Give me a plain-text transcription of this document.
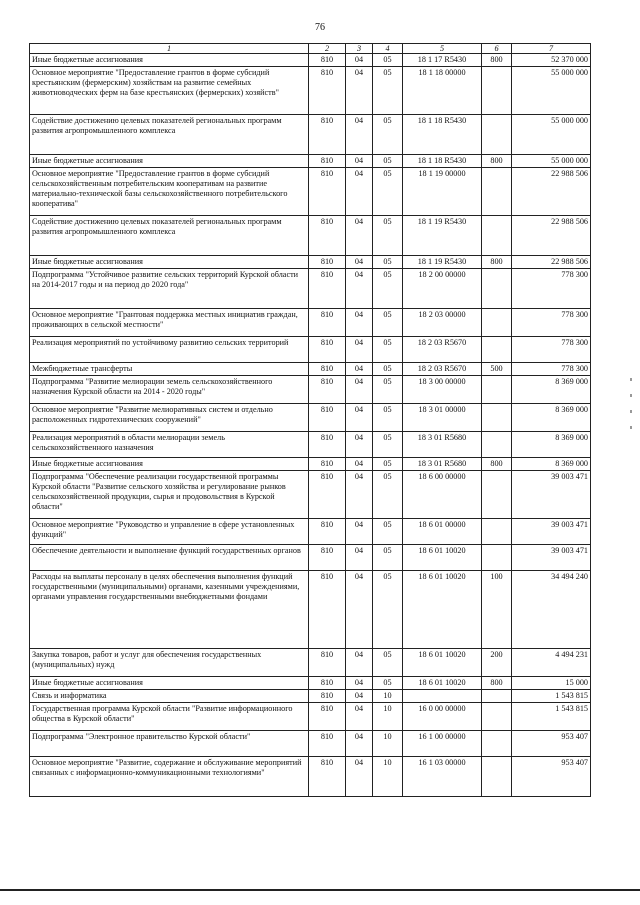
76
1	2	3	4	5	6	7
Иные бюджетные ассигнования	810	04	05	18 1 17 R5430	800	52 370 000
Основное мероприятие "Предоставление грантов в форме субсидий крестьянским (фермерским) хозяйствам на развитие семейных животноводческих ферм на базе крестьянских (фермерских) хозяйств"	810	04	05	18 1 18 00000		55 000 000
Содействие достижению целевых показателей региональных программ развития агропромышленного комплекса	810	04	05	18 1 18 R5430		55 000 000
Иные бюджетные ассигнования	810	04	05	18 1 18 R5430	800	55 000 000
Основное мероприятие "Предоставление грантов в форме субсидий сельскохозяйственным потребительским кооперативам на развитие материально-технической базы сельскохозяйственного потребительского кооператива"	810	04	05	18 1 19 00000		22 988 506
Содействие достижению целевых показателей региональных программ развития агропромышленного комплекса	810	04	05	18 1 19 R5430		22 988 506
Иные бюджетные ассигнования	810	04	05	18 1 19 R5430	800	22 988 506
Подпрограмма "Устойчивое развитие сельских территорий Курской области на 2014-2017 годы и на период до 2020 года"	810	04	05	18 2 00 00000		778 300
Основное мероприятие "Грантовая поддержка местных инициатив граждан, проживающих в сельской местности"	810	04	05	18 2 03 00000		778 300
Реализация мероприятий по устойчивому развитию сельских территорий	810	04	05	18 2 03 R5670		778 300
Межбюджетные трансферты	810	04	05	18 2 03 R5670	500	778 300
Подпрограмма "Развитие мелиорации земель сельскохозяйственного назначения Курской области на 2014 - 2020 годы"	810	04	05	18 3 00 00000		8 369 000
Основное мероприятие "Развитие мелиоративных систем и отдельно расположенных гидротехнических сооружений"	810	04	05	18 3 01 00000		8 369 000
Реализация мероприятий в области мелиорации земель сельскохозяйственного назначения	810	04	05	18 3 01 R5680		8 369 000
Иные бюджетные ассигнования	810	04	05	18 3 01 R5680	800	8 369 000
Подпрограмма "Обеспечение реализации государственной программы Курской области "Развитие сельского хозяйства и регулирование рынков сельскохозяйственной продукции, сырья и продовольствия в Курской области"	810	04	05	18 6 00 00000		39 003 471
Основное мероприятие "Руководство и управление в сфере установленных функций"	810	04	05	18 6 01 00000		39 003 471
Обеспечение деятельности и выполнение функций государственных органов	810	04	05	18 6 01 10020		39 003 471
Расходы на выплаты персоналу в целях обеспечения выполнения функций государственными (муниципальными) органами, казенными учреждениями, органами управления государственными внебюджетными фондами	810	04	05	18 6 01 10020	100	34 494 240
Закупка товаров, работ и услуг для обеспечения государственных (муниципальных) нужд	810	04	05	18 6 01 10020	200	4 494 231
Иные бюджетные ассигнования	810	04	05	18 6 01 10020	800	15 000
Связь и информатика	810	04	10			1 543 815
Государственная программа Курской области "Развитие информационного общества в Курской области"	810	04	10	16 0 00 00000		1 543 815
Подпрограмма "Электронное правительство Курской области"	810	04	10	16 1 00 00000		953 407
Основное мероприятие "Развитие, содержание и обслуживание мероприятий связанных с информационно-коммуникационными технологиями"	810	04	10	16 1 03 00000		953 407
